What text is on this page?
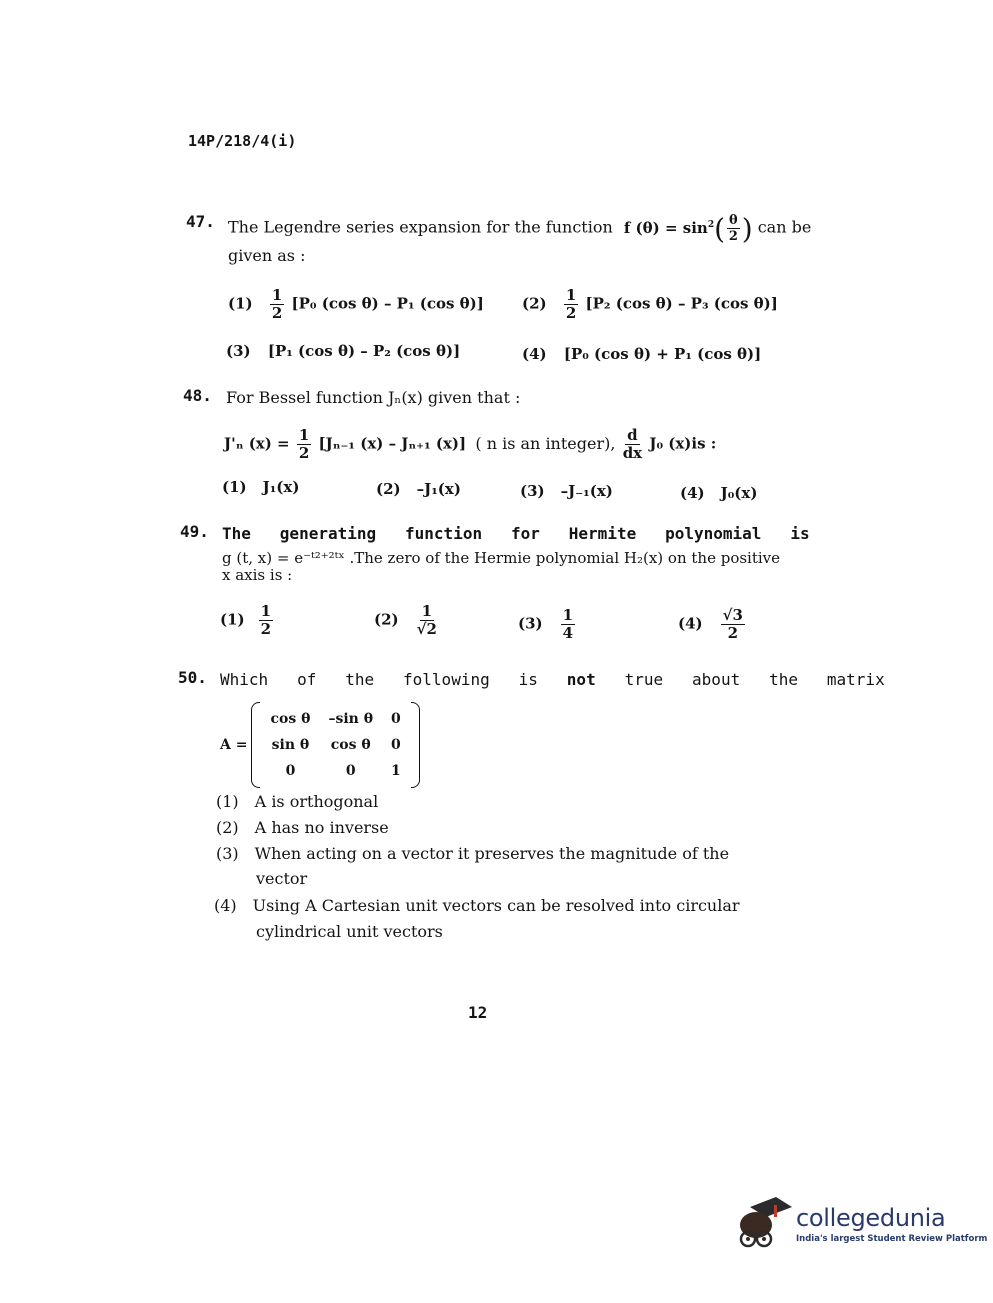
14P/218/4(i)
47. The Legendre series expansion for the function f $(\theta) = \sin^2( \frac{\theta}{2}$ ) can be
given as :
$(1) \frac{1}{2} [P_0$ (cos θ) – P₁ (cos θ)]	$(2) \frac{1}{2} [P_2$ (cos θ) – P₃ (cos θ)]
(3) [P₁ (cos θ) – P₂ (cos θ)]	(4) [P₀ (cos θ) + P₁ (cos θ)]
48. For Bessel function Jₙ(x) given that :
J'ₙ $(x) = \frac{1}{2} [J_{n-1}$ (x) – Jₙ₊₁ (x)] ( n is an integer), $\frac{d}{dx} J_0$ (x)is :
(1) J₁(x)	(2) –J₁(x)	(3) –J₋₁(x)	(4) J₀(x)
49. The   generating   function   for   Hermite   polynomial   is
g (t, x) = e⁻ᵗ²⁺²ᵗˣ .The zero of the Hermie polynomial H₂(x) on the positive
x axis is :
$(1) \frac{1}{2}$	$(2) \frac{1}{√2}$	$(3) \frac{1}{4}$	$(4) \frac{√3}{2}$
50. Which   of   the   following   is not true   about   the   matrix
A =
cos θ	–sin θ	0
sin θ	cos θ	0
0	0	1
(1) A is orthogonal
(2) A has no inverse
(3) When acting on a vector it preserves the magnitude of the
vector
(4) Using A Cartesian unit vectors can be resolved into circular
cylindrical unit vectors
12
collegedunia
India's largest Student Review Platform
